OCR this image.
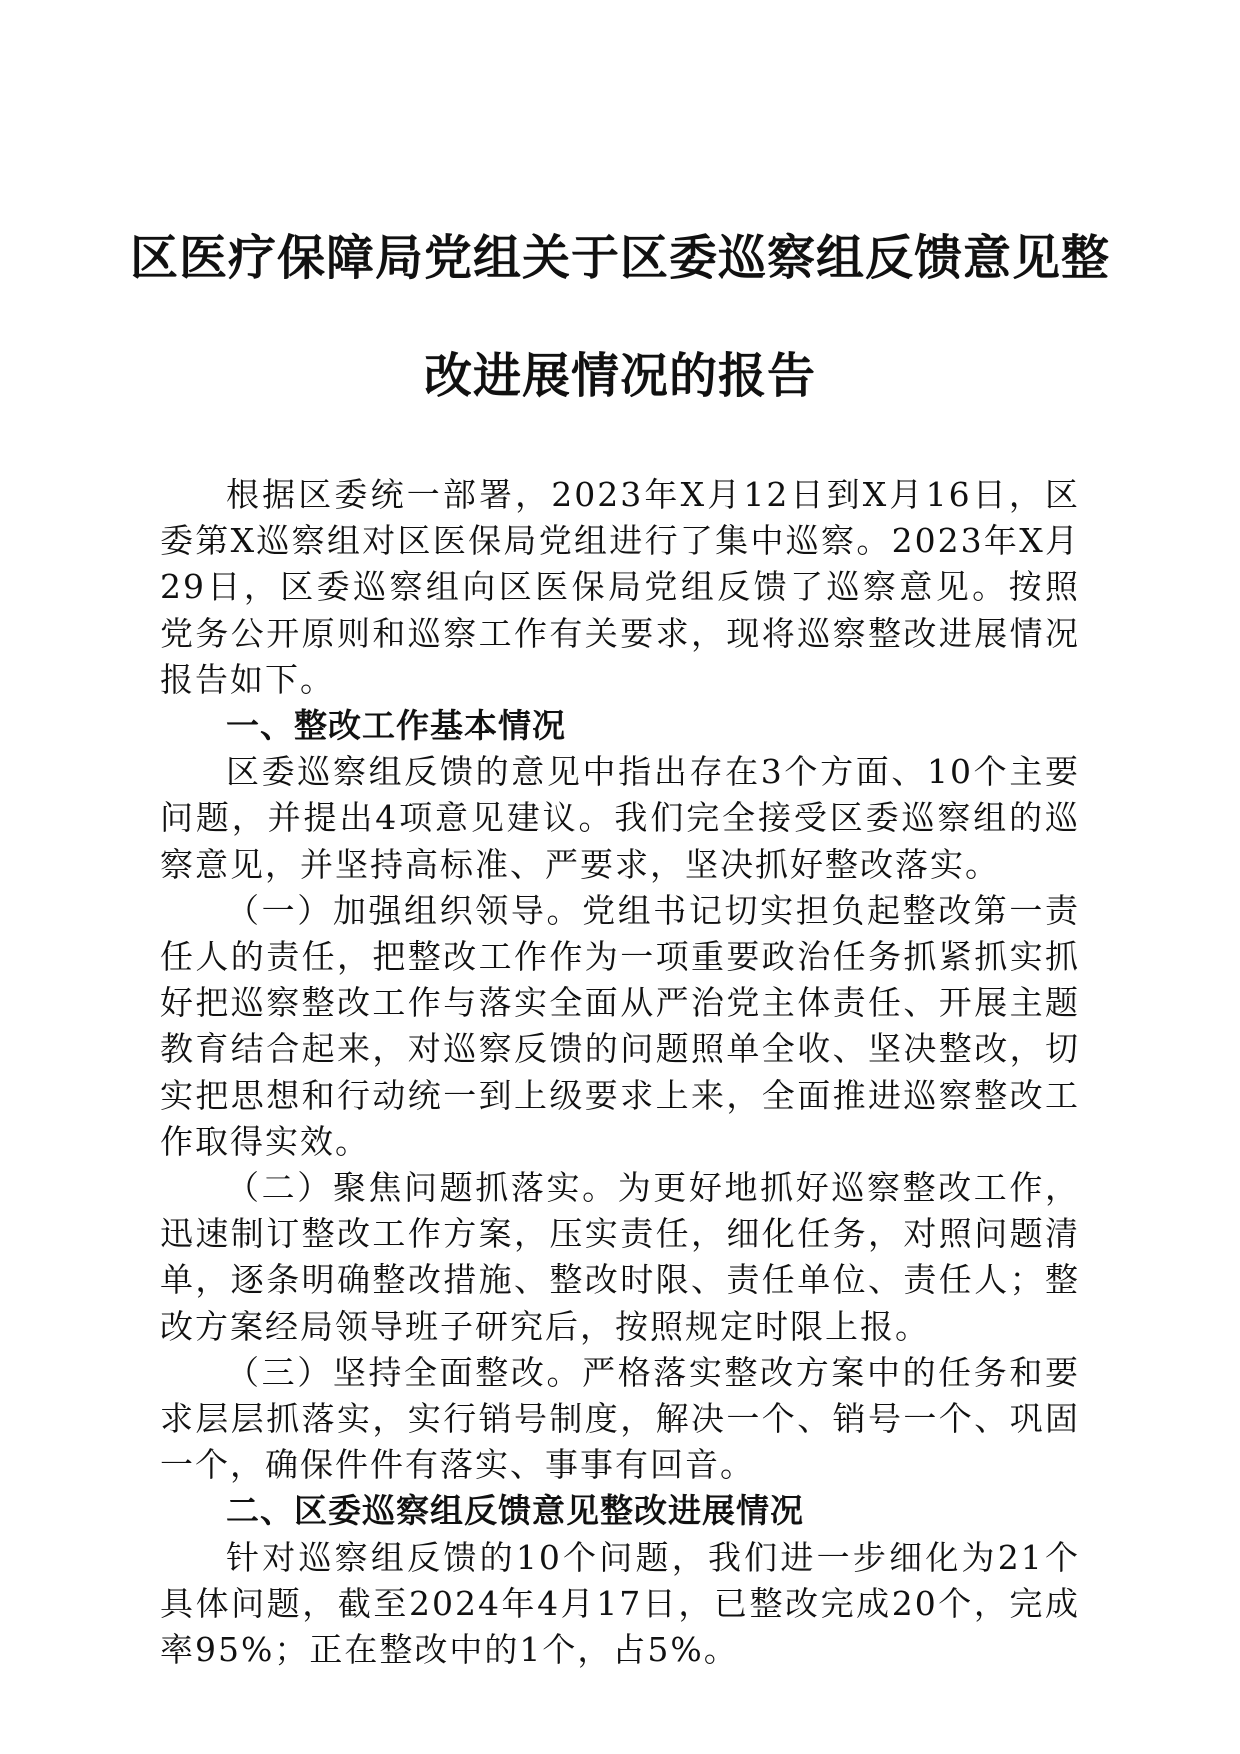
区医疗保障局党组关于区委巡察组反馈意见整
改进展情况的报告

根据区委统一部署，2023年X月12日到X月16日，区委第X巡察组对区医保局党组进行了集中巡察。2023年X月29日，区委巡察组向区医保局党组反馈了巡察意见。按照党务公开原则和巡察工作有关要求，现将巡察整改进展情况报告如下。

一、整改工作基本情况

区委巡察组反馈的意见中指出存在3个方面、10个主要问题，并提出4项意见建议。我们完全接受区委巡察组的巡察意见，并坚持高标准、严要求，坚决抓好整改落实。

（一）加强组织领导。党组书记切实担负起整改第一责任人的责任，把整改工作作为一项重要政治任务抓紧抓实抓好把巡察整改工作与落实全面从严治党主体责任、开展主题教育结合起来，对巡察反馈的问题照单全收、坚决整改，切实把思想和行动统一到上级要求上来，全面推进巡察整改工作取得实效。

（二）聚焦问题抓落实。为更好地抓好巡察整改工作，迅速制订整改工作方案，压实责任，细化任务，对照问题清单，逐条明确整改措施、整改时限、责任单位、责任人；整改方案经局领导班子研究后，按照规定时限上报。

（三）坚持全面整改。严格落实整改方案中的任务和要求层层抓落实，实行销号制度，解决一个、销号一个、巩固一个，确保件件有落实、事事有回音。

二、区委巡察组反馈意见整改进展情况

针对巡察组反馈的10个问题，我们进一步细化为21个具体问题，截至2024年4月17日，已整改完成20个，完成率95%；正在整改中的1个，占5%。
